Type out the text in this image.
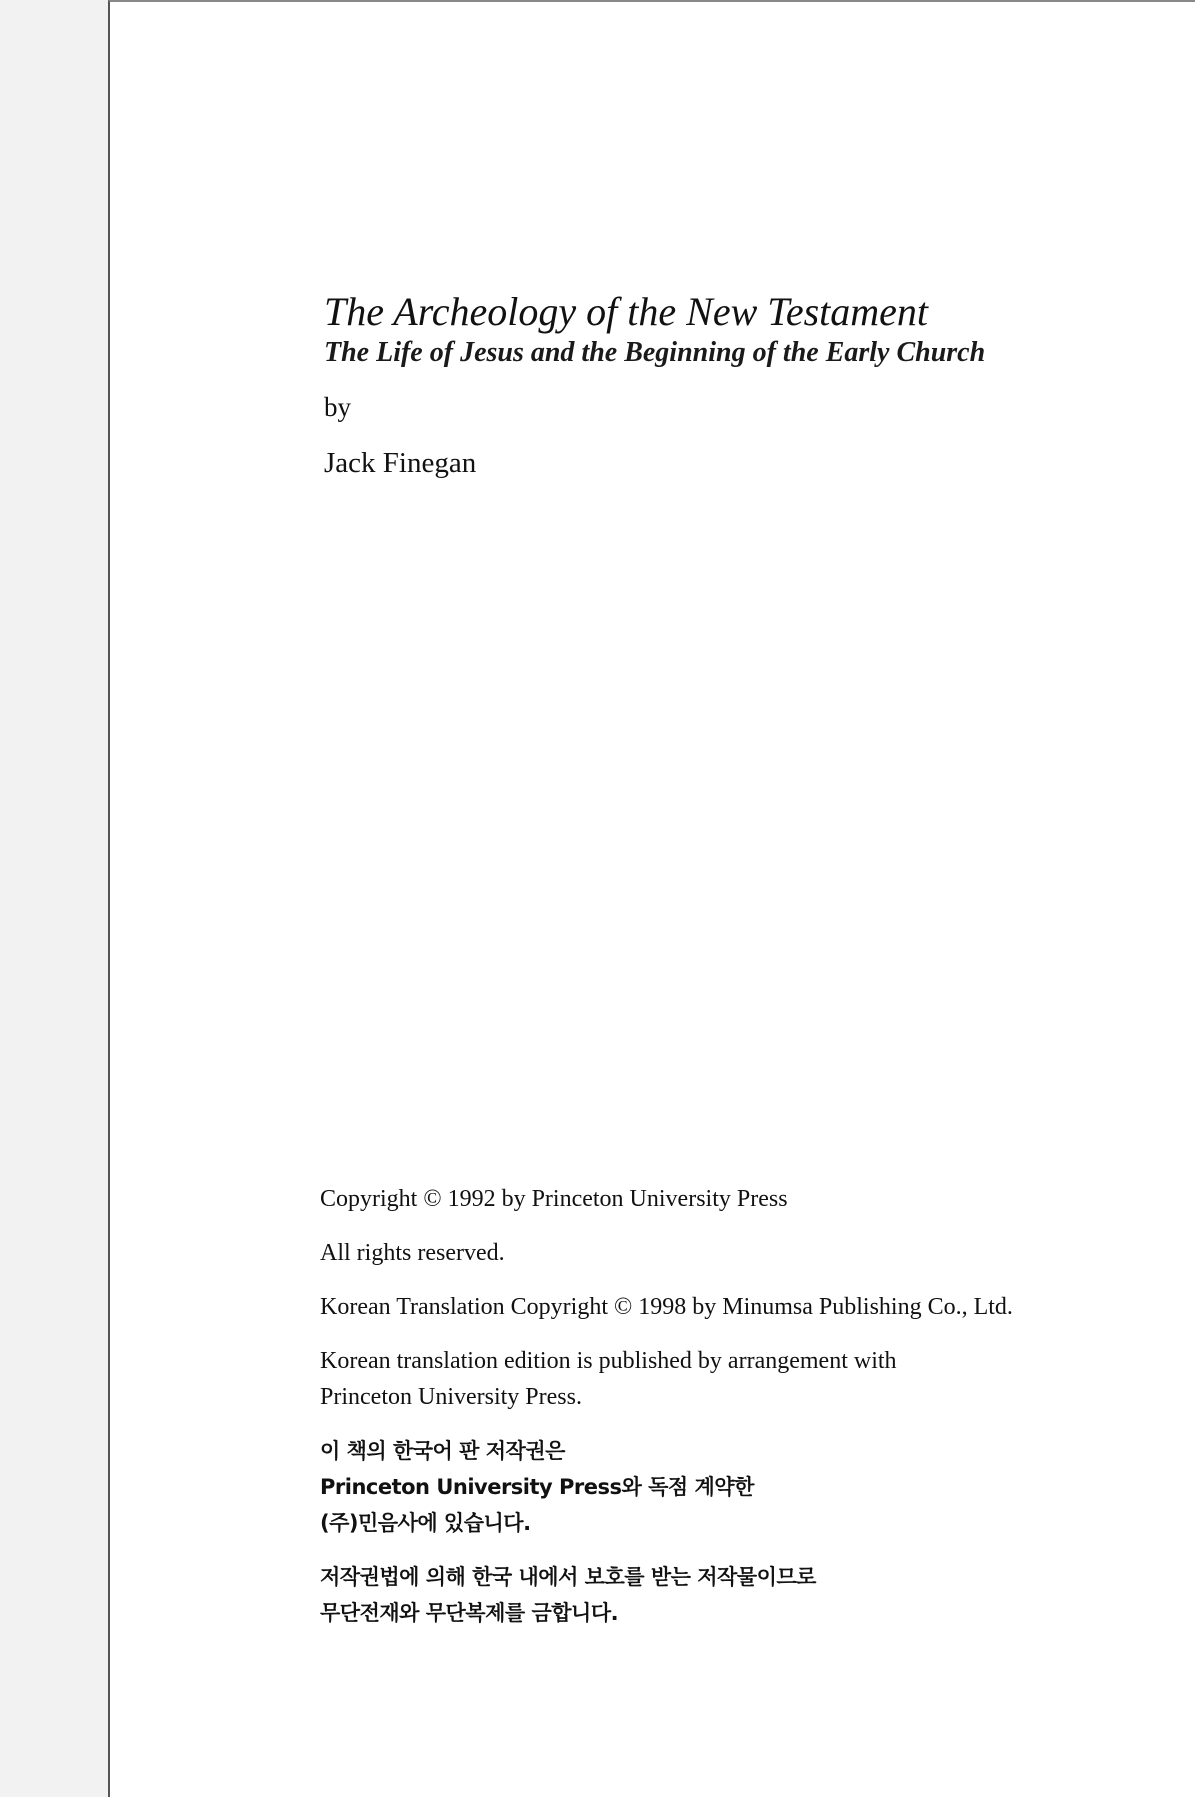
The Archeology of the New Testament
The Life of Jesus and the Beginning of the Early Church
by
Jack Finegan

Copyright © 1992 by Princeton University Press

All rights reserved.

Korean Translation Copyright © 1998 by Minumsa Publishing Co., Ltd.

Korean translation edition is published by arrangement with
Princeton University Press.

이 책의 한국어 판 저작권은
Princeton University Press와 독점 계약한
(주)민음사에 있습니다.

저작권법에 의해 한국 내에서 보호를 받는 저작물이므로
무단전재와 무단복제를 금합니다.
